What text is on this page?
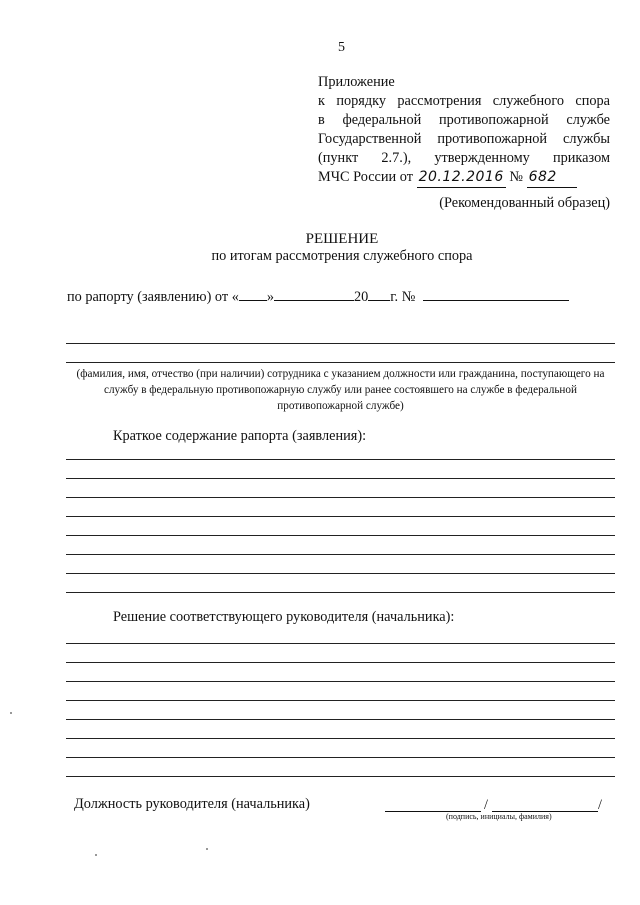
5
Приложение
к порядку рассмотрения служебного спора
в федеральной противопожарной службе
Государственной противопожарной службы
(пункт 2.7.), утвержденному приказом
МЧС России от 20.12.2016 № 682
(Рекомендованный образец)
РЕШЕНИЕ
по итогам рассмотрения служебного спора
по рапорту (заявлению) от « »	20 г. №
(фамилия, имя, отчество (при наличии) сотрудника с указанием должности или гражданина, поступающего на службу в федеральную противопожарную службу или ранее состоявшего на службе в федеральной противопожарной службе)
Краткое содержание рапорта (заявления):
Решение соответствующего руководителя (начальника):
Должность руководителя (начальника)	/	/
(подпись, инициалы, фамилия)
